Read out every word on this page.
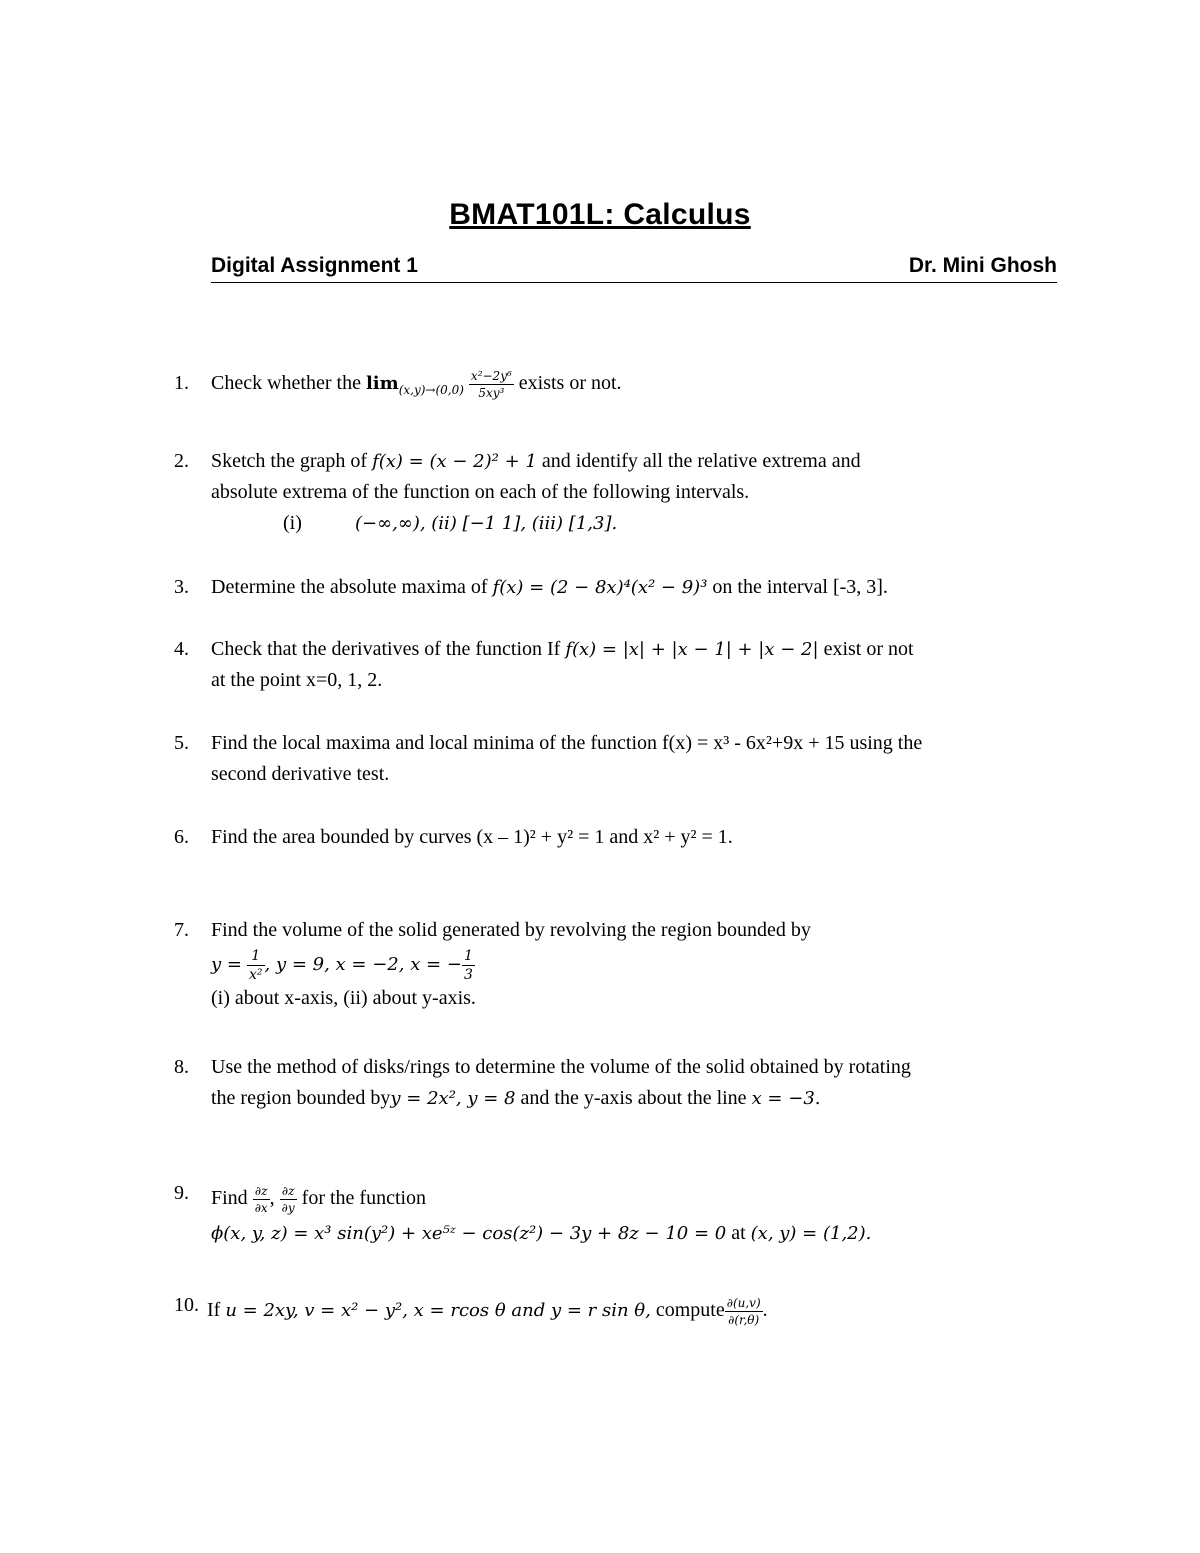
BMAT101L: Calculus
Digital Assignment 1	Dr. Mini Ghosh
1.	Check whether the $\lim_{(x,y)\to(0,0)} \frac{\text{x²−2y⁶}}{\text{5xy³}}$ exists or not.
2.	Sketch the graph of f(x) = (x − 2)² + 1 and identify all the relative extrema and
absolute extrema of the function on each of the following intervals.
(i)	(−∞,∞), (ii) [−1 1], (iii) [1,3].
3.	Determine the absolute maxima of f(x) = (2 − 8x)⁴(x² − 9)³ on the interval [-3, 3].
4.	Check that the derivatives of the function If f(x) = |x| + |x − 1| + |x − 2| exist or not
at the point x=0, 1, 2.
5.	Find the local maxima and local minima of the function f(x) = x³ - 6x²+9x + 15 using the
second derivative test.
6.	Find the area bounded by curves (x – 1)² + y² = 1 and x² + y² = 1.
7.	Find the volume of the solid generated by revolving the region bounded by
$y = \frac{1}{\text{x²}}$ , y = 9, x = −2, x = − $\frac{1}{3}$
(i) about x-axis, (ii) about y-axis.
8.	Use the method of disks/rings to determine the volume of the solid obtained by rotating
the region bounded byy = 2x², y = 8 and the y-axis about the line x = −3.
9.	Find $\frac{\partial z}{\partial x}$ , $\frac{\partial z}{\partial y}$ for the function
ϕ(x, y, z) = x³ sin(y²) + xe⁵ᶻ − cos(z²) − 3y + 8z − 10 = 0 at (x, y) = (1,2).
10. If u = 2xy, v = x² − y², x = rcos θ and y = r sin θ, compute $\frac{\partial(u,v)}{\partial(r,\theta)}$ .
